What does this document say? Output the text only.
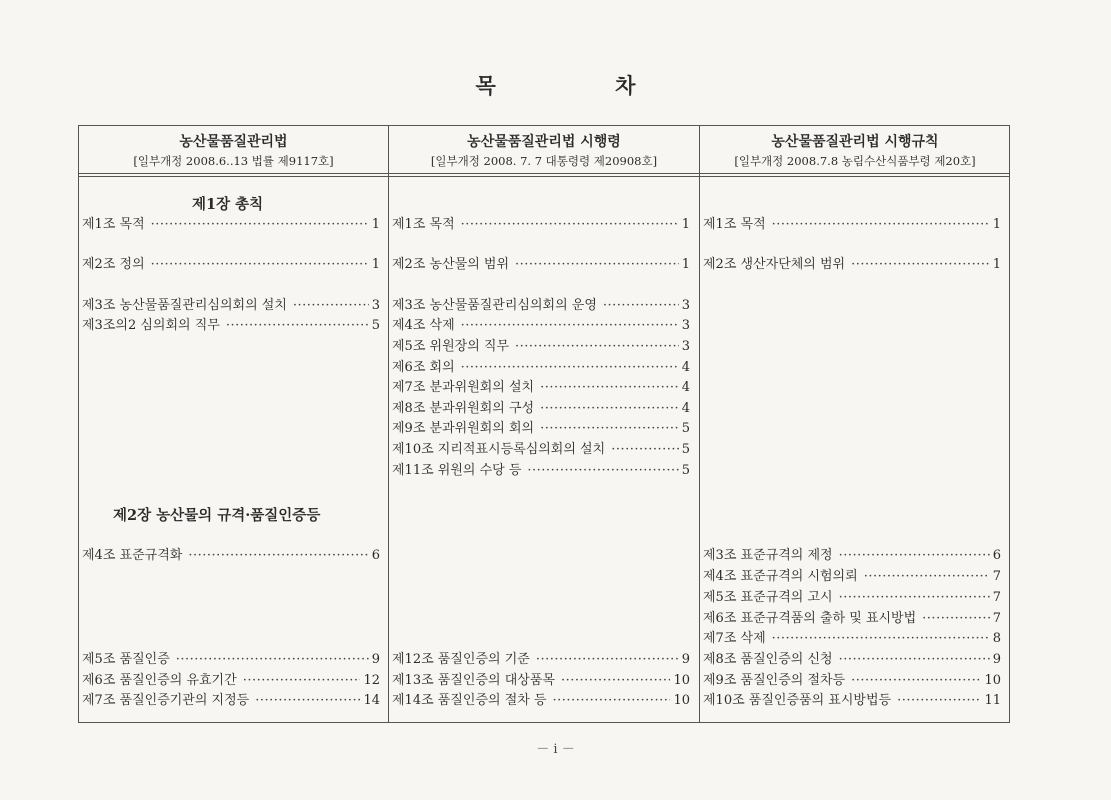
목 차
농산물품질관리법
[일부개정 2008.6..13 법률 제9117호]
농산물품질관리법 시행령
[일부개정 2008. 7. 7 대통령령 제20908호]
농산물품질관리법 시행규칙
[일부개정 2008.7.8 농림수산식품부령 제20호]
제1장 총칙
제1조 목적 ·····	1
제2조 정의 ·····	1
제3조 농산물품질관리심의회의 설치 ·····	3
제3조의2 심의회의 직무 ·····	5
제2장 농산물의 규격·품질인증등
제4조 표준규격화 ·····	6
제5조 품질인증 ·····	9
제6조 품질인증의 유효기간 ·····	12
제7조 품질인증기관의 지정등 ·····	14
제1조 목적 ·····	1
제2조 농산물의 범위 ·····	1
제3조 농산물품질관리심의회의 운영 ·····	3
제4조 삭제 ·····	3
제5조 위원장의 직무 ·····	3
제6조 회의 ·····	4
제7조 분과위원회의 설치 ·····	4
제8조 분과위원회의 구성 ·····	4
제9조 분과위원회의 회의 ·····	5
제10조 지리적표시등록심의회의 설치 ·····	5
제11조 위원의 수당 등 ·····	5
제12조 품질인증의 기준 ·····	9
제13조 품질인증의 대상품목 ·····	10
제14조 품질인증의 절차 등 ·····	10
제1조 목적 ·····	1
제2조 생산자단체의 범위 ·····	1
제3조 표준규격의 제정 ·····	6
제4조 표준규격의 시험의뢰 ·····	7
제5조 표준규격의 고시 ·····	7
제6조 표준규격품의 출하 및 표시방법 ·····	7
제7조 삭제 ·····	8
제8조 품질인증의 신청 ·····	9
제9조 품질인증의 절차등 ·····	10
제10조 품질인증품의 표시방법등 ·····	11
－ i －
